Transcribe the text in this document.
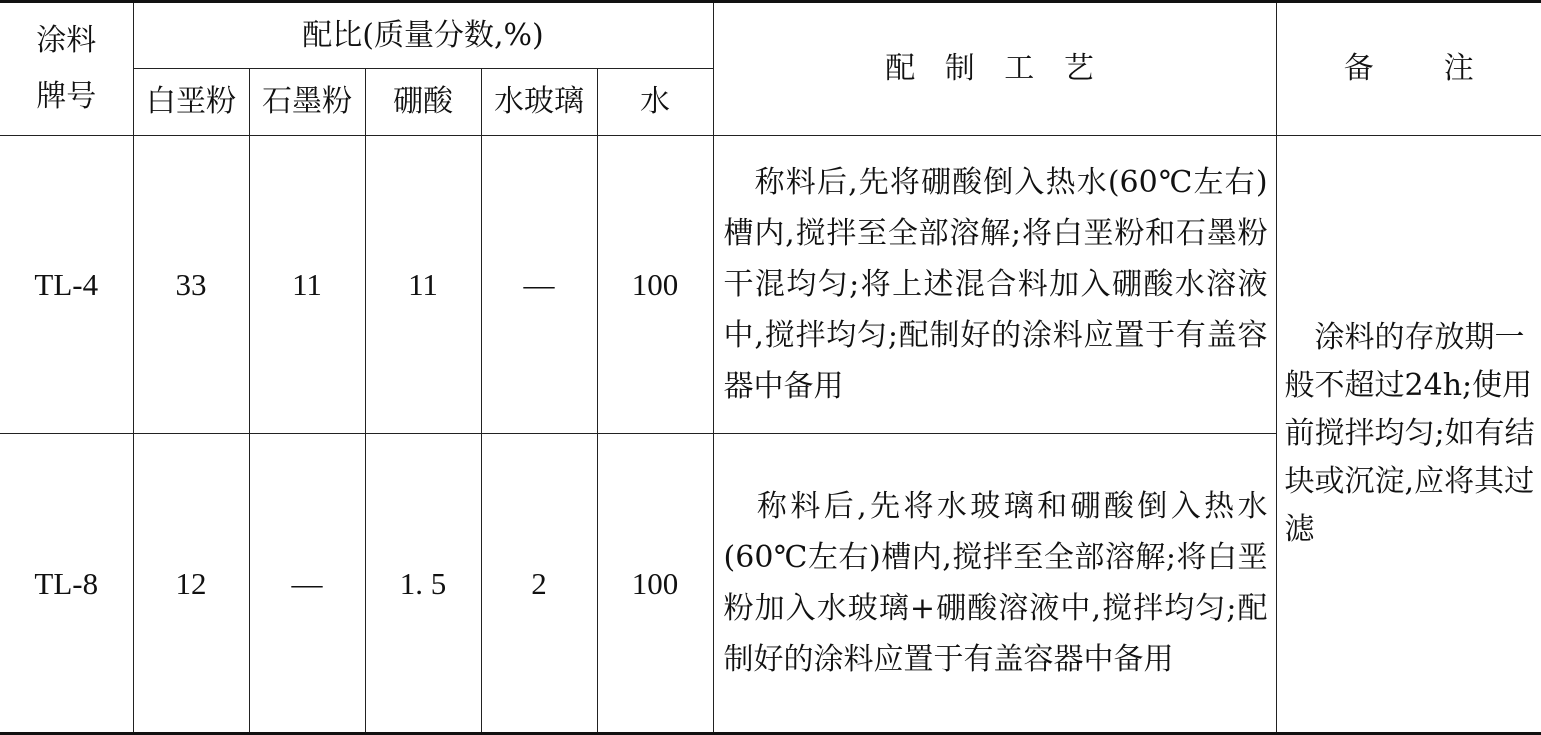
涂料
牌号	配比(质量分数,%)					配 制 工 艺	备 注
	白垩粉	石墨粉	硼酸	水玻璃	水		
TL-4	33	11	11	—	100	称料后,先将硼酸倒入热水(60℃左右)槽内,搅拌至全部溶解;将白垩粉和石墨粉干混均匀;将上述混合料加入硼酸水溶液中,搅拌均匀;配制好的涂料应置于有盖容器中备用	涂料的存放期一般不超过24h;使用前搅拌均匀;如有结块或沉淀,应将其过滤
TL-8	12	—	1. 5	2	100	称料后,先将水玻璃和硼酸倒入热水(60℃左右)槽内,搅拌至全部溶解;将白垩粉加入水玻璃+硼酸溶液中,搅拌均匀;配制好的涂料应置于有盖容器中备用	
